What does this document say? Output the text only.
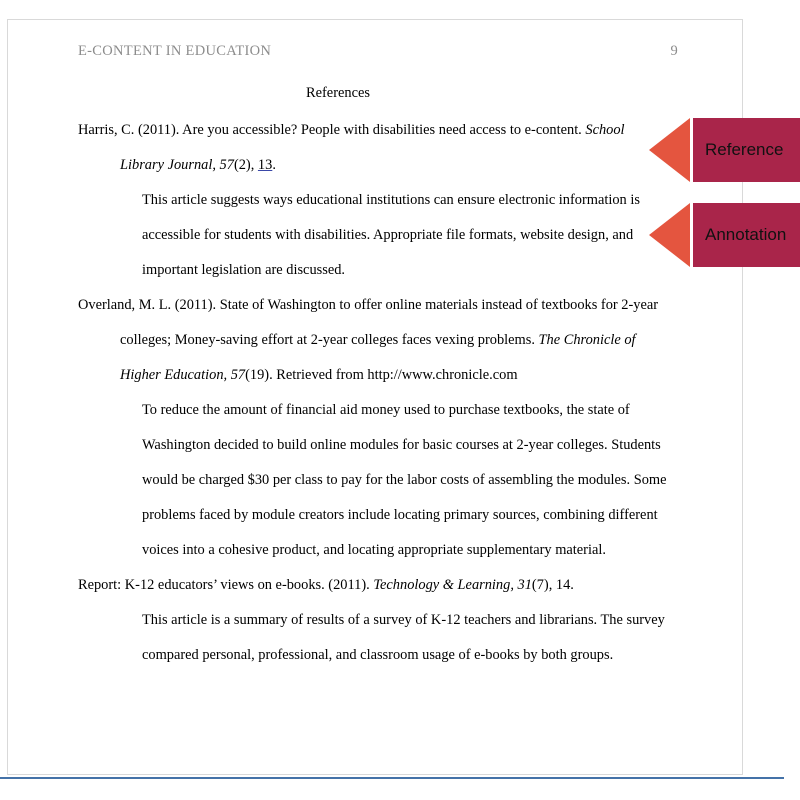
E-CONTENT IN EDUCATION	9
References

Harris, C. (2011). Are you accessible? People with disabilities need access to e-content. School Library Journal, 57(2), 13.

This article suggests ways educational institutions can ensure electronic information is accessible for students with disabilities. Appropriate file formats, website design, and important legislation are discussed.

Overland, M. L. (2011). State of Washington to offer online materials instead of textbooks for 2-year colleges; Money-saving effort at 2-year colleges faces vexing problems. The Chronicle of Higher Education, 57(19). Retrieved from http://www.chronicle.com

To reduce the amount of financial aid money used to purchase textbooks, the state of Washington decided to build online modules for basic courses at 2-year colleges. Students would be charged $30 per class to pay for the labor costs of assembling the modules. Some problems faced by module creators include locating primary sources, combining different voices into a cohesive product, and locating appropriate supplementary material.

Report: K-12 educators’ views on e-books. (2011). Technology & Learning, 31(7), 14.

This article is a summary of results of a survey of K-12 teachers and librarians. The survey compared personal, professional, and classroom usage of e-books by both groups.

Reference
Annotation
